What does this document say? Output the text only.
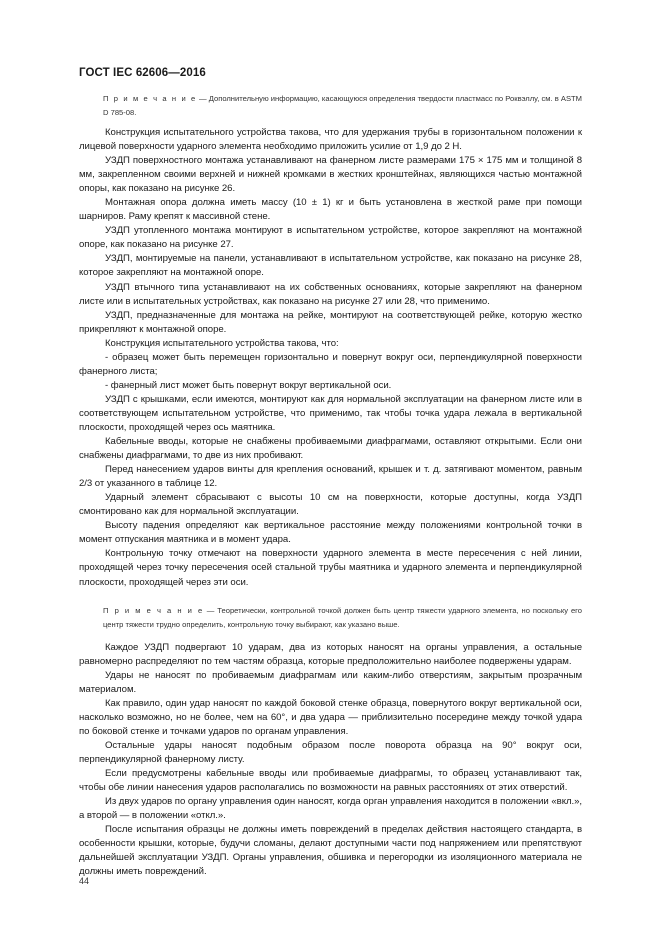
ГОСТ IEC 62606—2016
П р и м е ч а н и е — Дополнительную информацию, касающуюся определения твердости пластмасс по Роквэллу, см. в ASTM D 785-08.

Конструкция испытательного устройства такова, что для удержания трубы в горизонтальном положении к лицевой поверхности ударного элемента необходимо приложить усилие от 1,9 до 2 Н.

УЗДП поверхностного монтажа устанавливают на фанерном листе размерами 175 × 175 мм и толщиной 8 мм, закрепленном своими верхней и нижней кромками в жестких кронштейнах, являющихся частью монтажной опоры, как показано на рисунке 26.

Монтажная опора должна иметь массу (10 ± 1) кг и быть установлена в жесткой раме при помощи шарниров. Раму крепят к массивной стене.

УЗДП утопленного монтажа монтируют в испытательном устройстве, которое закрепляют на монтажной опоре, как показано на рисунке 27.

УЗДП, монтируемые на панели, устанавливают в испытательном устройстве, как показано на рисунке 28, которое закрепляют на монтажной опоре.

УЗДП втычного типа устанавливают на их собственных основаниях, которые закрепляют на фанерном листе или в испытательных устройствах, как показано на рисунке 27 или 28, что применимо.

УЗДП, предназначенные для монтажа на рейке, монтируют на соответствующей рейке, которую жестко прикрепляют к монтажной опоре.

Конструкция испытательного устройства такова, что:

- образец может быть перемещен горизонтально и повернут вокруг оси, перпендикулярной поверхности фанерного листа;

- фанерный лист может быть повернут вокруг вертикальной оси.

УЗДП с крышками, если имеются, монтируют как для нормальной эксплуатации на фанерном листе или в соответствующем испытательном устройстве, что применимо, так чтобы точка удара лежала в вертикальной плоскости, проходящей через ось маятника.

Кабельные вводы, которые не снабжены пробиваемыми диафрагмами, оставляют открытыми. Если они снабжены диафрагмами, то две из них пробивают.

Перед нанесением ударов винты для крепления оснований, крышек и т. д. затягивают моментом, равным 2/3 от указанного в таблице 12.

Ударный элемент сбрасывают с высоты 10 см на поверхности, которые доступны, когда УЗДП смонтировано как для нормальной эксплуатации.

Высоту падения определяют как вертикальное расстояние между положениями контрольной точки в момент отпускания маятника и в момент удара.

Контрольную точку отмечают на поверхности ударного элемента в месте пересечения с ней линии, проходящей через точку пересечения осей стальной трубы маятника и ударного элемента и перпендикулярной плоскости, проходящей через эти оси.

П р и м е ч а н и е — Теоретически, контрольной точкой должен быть центр тяжести ударного элемента, но поскольку его центр тяжести трудно определить, контрольную точку выбирают, как указано выше.

Каждое УЗДП подвергают 10 ударам, два из которых наносят на органы управления, а остальные равномерно распределяют по тем частям образца, которые предположительно наиболее подвержены ударам.

Удары не наносят по пробиваемым диафрагмам или каким-либо отверстиям, закрытым прозрачным материалом.

Как правило, один удар наносят по каждой боковой стенке образца, повернутого вокруг вертикальной оси, насколько возможно, но не более, чем на 60°, и два удара — приблизительно посередине между точкой удара по боковой стенке и точками ударов по органам управления.

Остальные удары наносят подобным образом после поворота образца на 90° вокруг оси, перпендикулярной фанерному листу.

Если предусмотрены кабельные вводы или пробиваемые диафрагмы, то образец устанавливают так, чтобы обе линии нанесения ударов располагались по возможности на равных расстояниях от этих отверстий.

Из двух ударов по органу управления один наносят, когда орган управления находится в положении «вкл.», а второй — в положении «откл.».

После испытания образцы не должны иметь повреждений в пределах действия настоящего стандарта, в особенности крышки, которые, будучи сломаны, делают доступными части под напряжением или препятствуют дальнейшей эксплуатации УЗДП. Органы управления, обшивка и перегородки из изоляционного материала не должны иметь повреждений.

44
